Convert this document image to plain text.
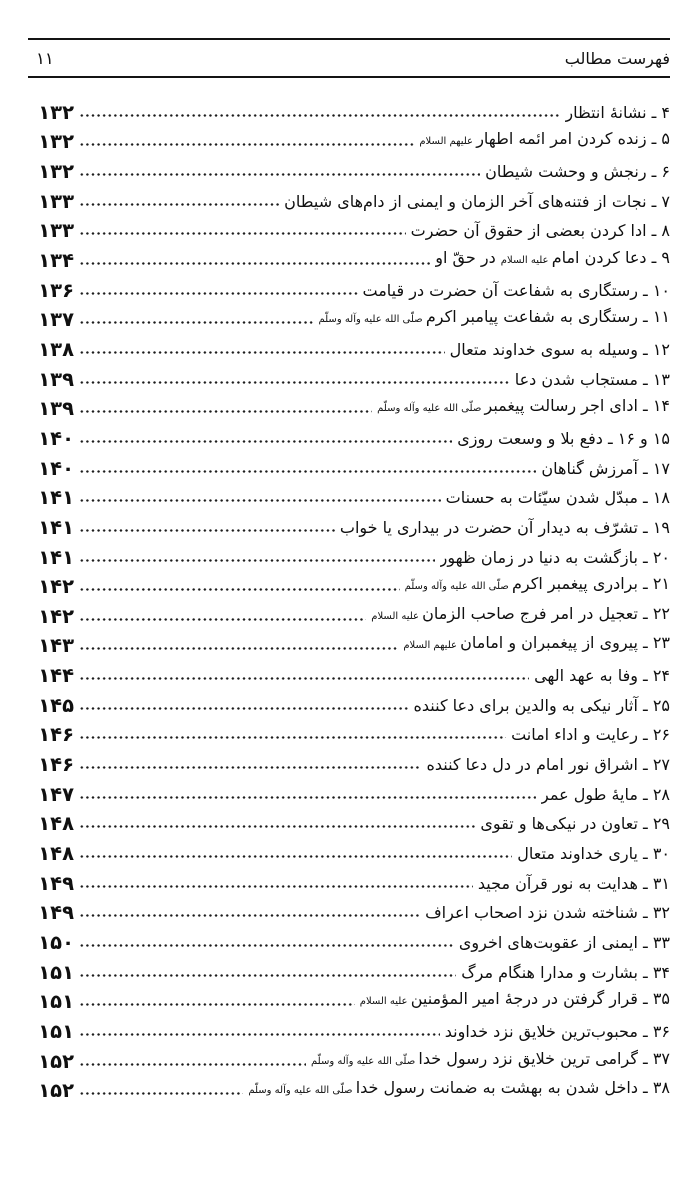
فهرست مطالب
۱۱
۴ ـ نشانهٔ انتظار
۱۳۲
۵ ـ زنده کردن امر ائمه اطهار علیهم السلام
۱۳۲
۶ ـ رنجش و وحشت شیطان
۱۳۲
۷ ـ نجات از فتنه‌های آخر الزمان و ایمنی از دام‌های شیطان
۱۳۳
۸ ـ ادا کردن بعضی از حقوق آن حضرت
۱۳۳
۹ ـ دعا کردن امام علیه السلام در حقّ او
۱۳۴
۱۰ ـ رستگاری به شفاعت آن حضرت در قیامت
۱۳۶
۱۱ ـ رستگاری به شفاعت پیامبر اکرم صلّی الله علیه وآله وسلّم
۱۳۷
۱۲ ـ وسیله به سوی خداوند متعال
۱۳۸
۱۳ ـ مستجاب شدن دعا
۱۳۹
۱۴ ـ ادای اجر رسالت پیغمبر صلّی الله علیه وآله وسلّم
۱۳۹
۱۵ و ۱۶ ـ دفع بلا و وسعت روزی
۱۴۰
۱۷ ـ آمرزش گناهان
۱۴۰
۱۸ ـ مبدّل شدن سیّئات به حسنات
۱۴۱
۱۹ ـ تشرّف به دیدار آن حضرت در بیداری یا خواب
۱۴۱
۲۰ ـ بازگشت به دنیا در زمان ظهور
۱۴۱
۲۱ ـ برادری پیغمبر اکرم صلّی الله علیه وآله وسلّم
۱۴۲
۲۲ ـ تعجیل در امر فرج صاحب الزمان علیه السلام
۱۴۲
۲۳ ـ پیروی از پیغمبران و امامان علیهم السلام
۱۴۳
۲۴ ـ وفا به عهد الهی
۱۴۴
۲۵ ـ آثار نیکی به والدین برای دعا کننده
۱۴۵
۲۶ ـ رعایت و اداء امانت
۱۴۶
۲۷ ـ اشراق نور امام در دل دعا کننده
۱۴۶
۲۸ ـ مایهٔ طول عمر
۱۴۷
۲۹ ـ تعاون در نیکی‌ها و تقوی
۱۴۸
۳۰ ـ یاری خداوند متعال
۱۴۸
۳۱ ـ هدایت به نور قرآن مجید
۱۴۹
۳۲ ـ شناخته شدن نزد اصحاب اعراف
۱۴۹
۳۳ ـ ایمنی از عقوبت‌های اخروی
۱۵۰
۳۴ ـ بشارت و مدارا هنگام مرگ
۱۵۱
۳۵ ـ قرار گرفتن در درجهٔ امیر المؤمنین علیه السلام
۱۵۱
۳۶ ـ محبوب‌ترین خلایق نزد خداوند
۱۵۱
۳۷ ـ گرامی ترین خلایق نزد رسول خدا صلّی الله علیه وآله وسلّم
۱۵۲
۳۸ ـ داخل شدن به بهشت به ضمانت رسول خدا صلّی الله علیه وآله وسلّم
۱۵۲
